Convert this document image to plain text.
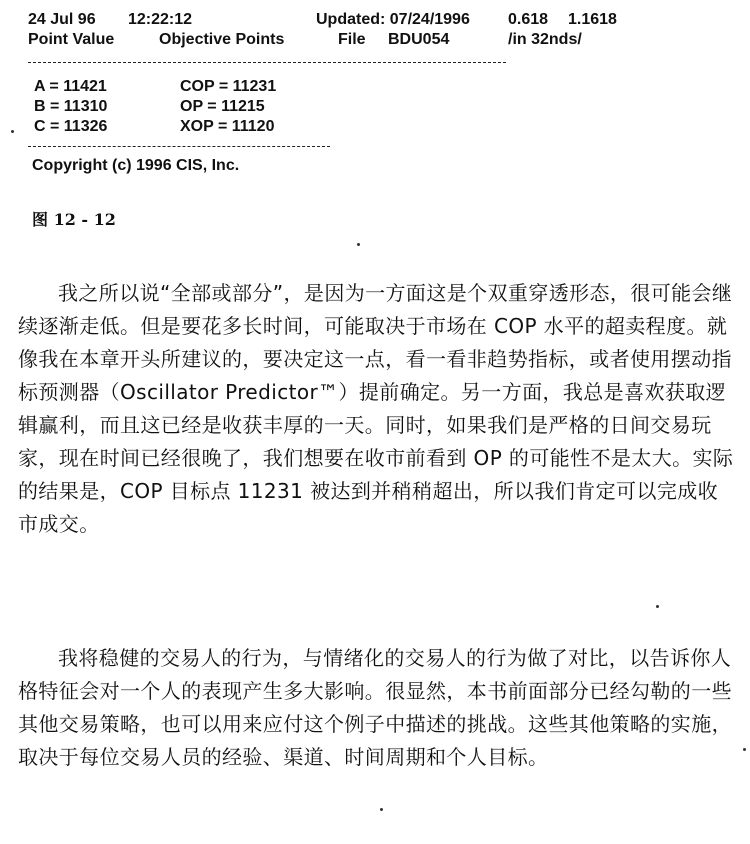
24 Jul 96 12:22:12	Updated: 07/24/1996 0.618 1.1618
Point Value	Objective Points	File BDU054	/in 32nds/
A = 11421	COP = 11231
B = 11310	OP = 11215
C = 11326	XOP = 11120
Copyright (c) 1996 CIS, Inc.
图 12 - 12

我之所以说“全部或部分”，是因为一方面这是个双重穿透形态，很可能会继续逐渐走低。但是要花多长时间，可能取决于市场在 COP 水平的超卖程度。就像我在本章开头所建议的，要决定这一点，看一看非趋势指标，或者使用摆动指标预测器（Oscillator Predictor™）提前确定。另一方面，我总是喜欢获取逻辑赢利，而且这已经是收获丰厚的一天。同时，如果我们是严格的日间交易玩家，现在时间已经很晚了，我们想要在收市前看到 OP 的可能性不是太大。实际的结果是，COP 目标点 11231 被达到并稍稍超出，所以我们肯定可以完成收市成交。

我将稳健的交易人的行为，与情绪化的交易人的行为做了对比，以告诉你人格特征会对一个人的表现产生多大影响。很显然，本书前面部分已经勾勒的一些其他交易策略，也可以用来应付这个例子中描述的挑战。这些其他策略的实施，取决于每位交易人员的经验、渠道、时间周期和个人目标。
